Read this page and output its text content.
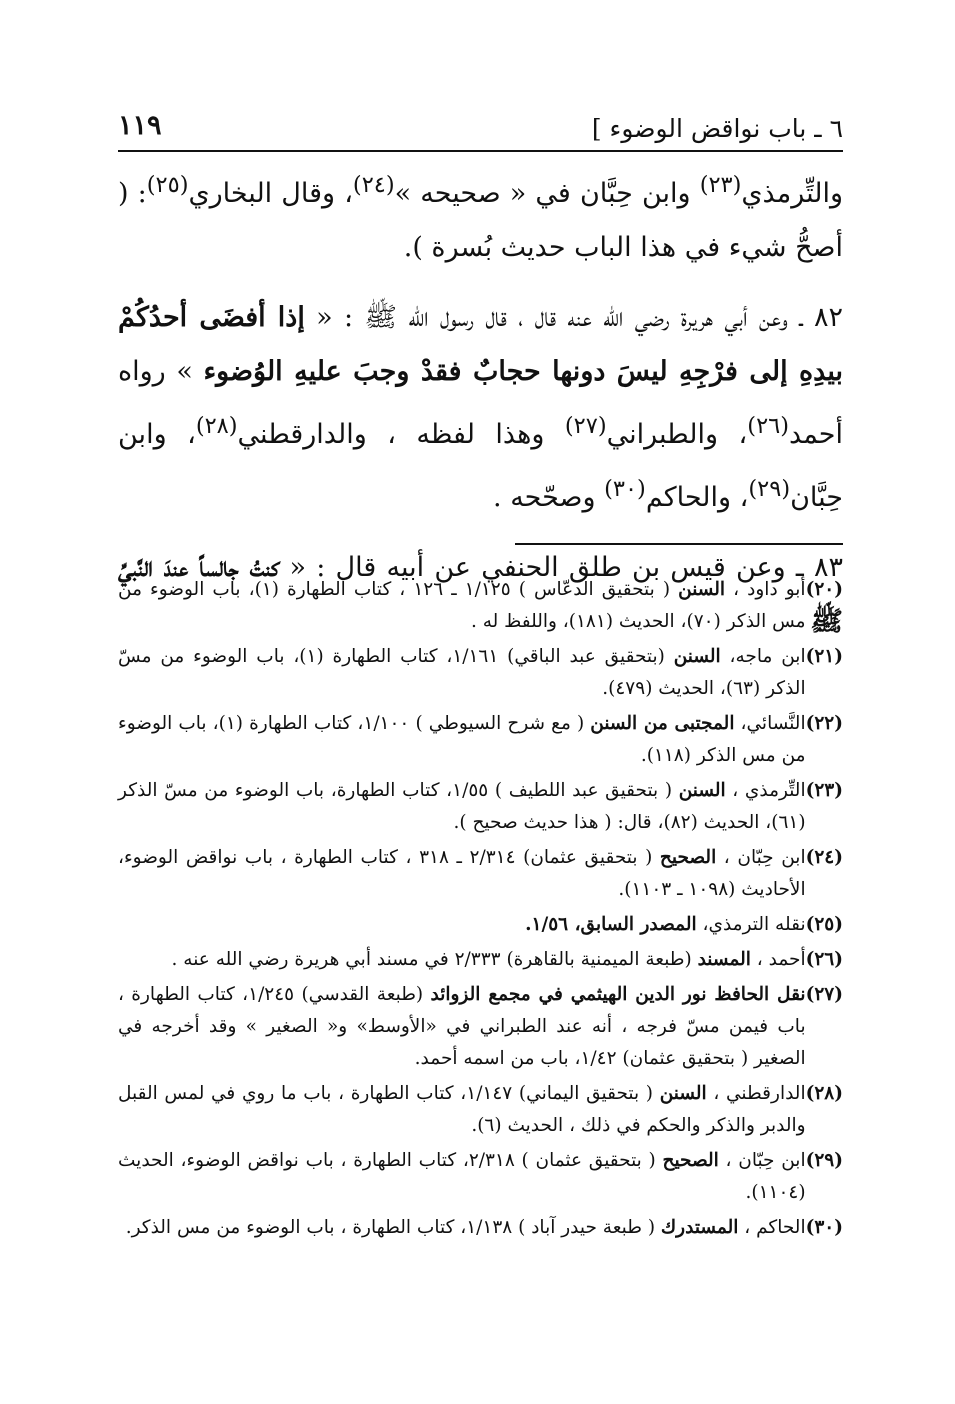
٦ ـ باب نواقض الوضوء ]
١١٩

والتِّرمذي$^{(٢٣)}$ وابن حِبَّان في « صحيحه »$^{(٢٤)}$، وقال البخاري$^{(٢٥)}$: ( أصحُّ شيء في هذا الباب حديث بُسرة ).

٨٢ ـ وعن أبي هريرة رضي الله عنه قال ، قال رسول الله ﷺ : « إذا أفضَى أحدُكُمْ بيدِهِ إلى فرْجِهِ ليسَ دونها حجابٌ فقدْ وجبَ عليهِ الوُضوء » رواه أحمد$^{(٢٦)}$، والطبراني$^{(٢٧)}$ وهذا لفظه ، والدارقطني$^{(٢٨)}$، وابن حِبَّان$^{(٢٩)}$، والحاكم$^{(٣٠)}$ وصحّحه .

٨٣ ـ وعن قيس بن طلق الحنفي عن أبيه قال : « كنتُ جالساً عندَ النَّبيِّ ﷺ

(٢٠)
أبو داود ، السنن ( بتحقيق الدعّاس ) ١/١٢٥ ـ ١٢٦ ، كتاب الطهارة (١)، باب الوضوء من مس الذكر (٧٠)، الحديث (١٨١)، واللفظ له .
(٢١)
ابن ماجه، السنن (بتحقيق عبد الباقي) ١/١٦١، كتاب الطهارة (١)، باب الوضوء من مسّ الذكر (٦٣)، الحديث (٤٧٩).
(٢٢)
النَّسائي، المجتبى من السنن ( مع شرح السيوطي ) ١/١٠٠، كتاب الطهارة (١)، باب الوضوء من مس الذكر (١١٨).
(٢٣)
التِّرمذي ، السنن ( بتحقيق عبد اللطيف ) ١/٥٥، كتاب الطهارة، باب الوضوء من مسّ الذكر (٦١)، الحديث (٨٢)، قال: ( هذا حديث صحيح ).
(٢٤)
ابن حِبّان ، الصحيح ( بتحقيق عثمان) ٢/٣١٤ ـ ٣١٨ ، كتاب الطهارة ، باب نواقض الوضوء، الأحاديث (١٠٩٨ ـ ١١٠٣).
(٢٥)
نقله الترمذي، المصدر السابق، ١/٥٦.
(٢٦)
أحمد ، المسند (طبعة الميمنية بالقاهرة) ٢/٣٣٣ في مسند أبي هريرة رضي الله عنه .
(٢٧)
نقل الحافظ نور الدين الهيثمي في مجمع الزوائد (طبعة القدسي) ١/٢٤٥، كتاب الطهارة ، باب فيمن مسّ فرجه ، أنه عند الطبراني في «الأوسط» و« الصغير » وقد أخرجه في الصغير ( بتحقيق عثمان) ١/٤٢، باب من اسمه أحمد.
(٢٨)
الدارقطني ، السنن ( بتحقيق اليماني) ١/١٤٧، كتاب الطهارة ، باب ما روي في لمس القبل والدبر والذكر والحكم في ذلك ، الحديث (٦).
(٢٩)
ابن حِبّان ، الصحيح ( بتحقيق عثمان ) ٢/٣١٨، كتاب الطهارة ، باب نواقض الوضوء، الحديث (١١٠٤).
(٣٠)
الحاكم ، المستدرك ( طبعة حيدر آباد ) ١/١٣٨، كتاب الطهارة ، باب الوضوء من مس الذكر.
